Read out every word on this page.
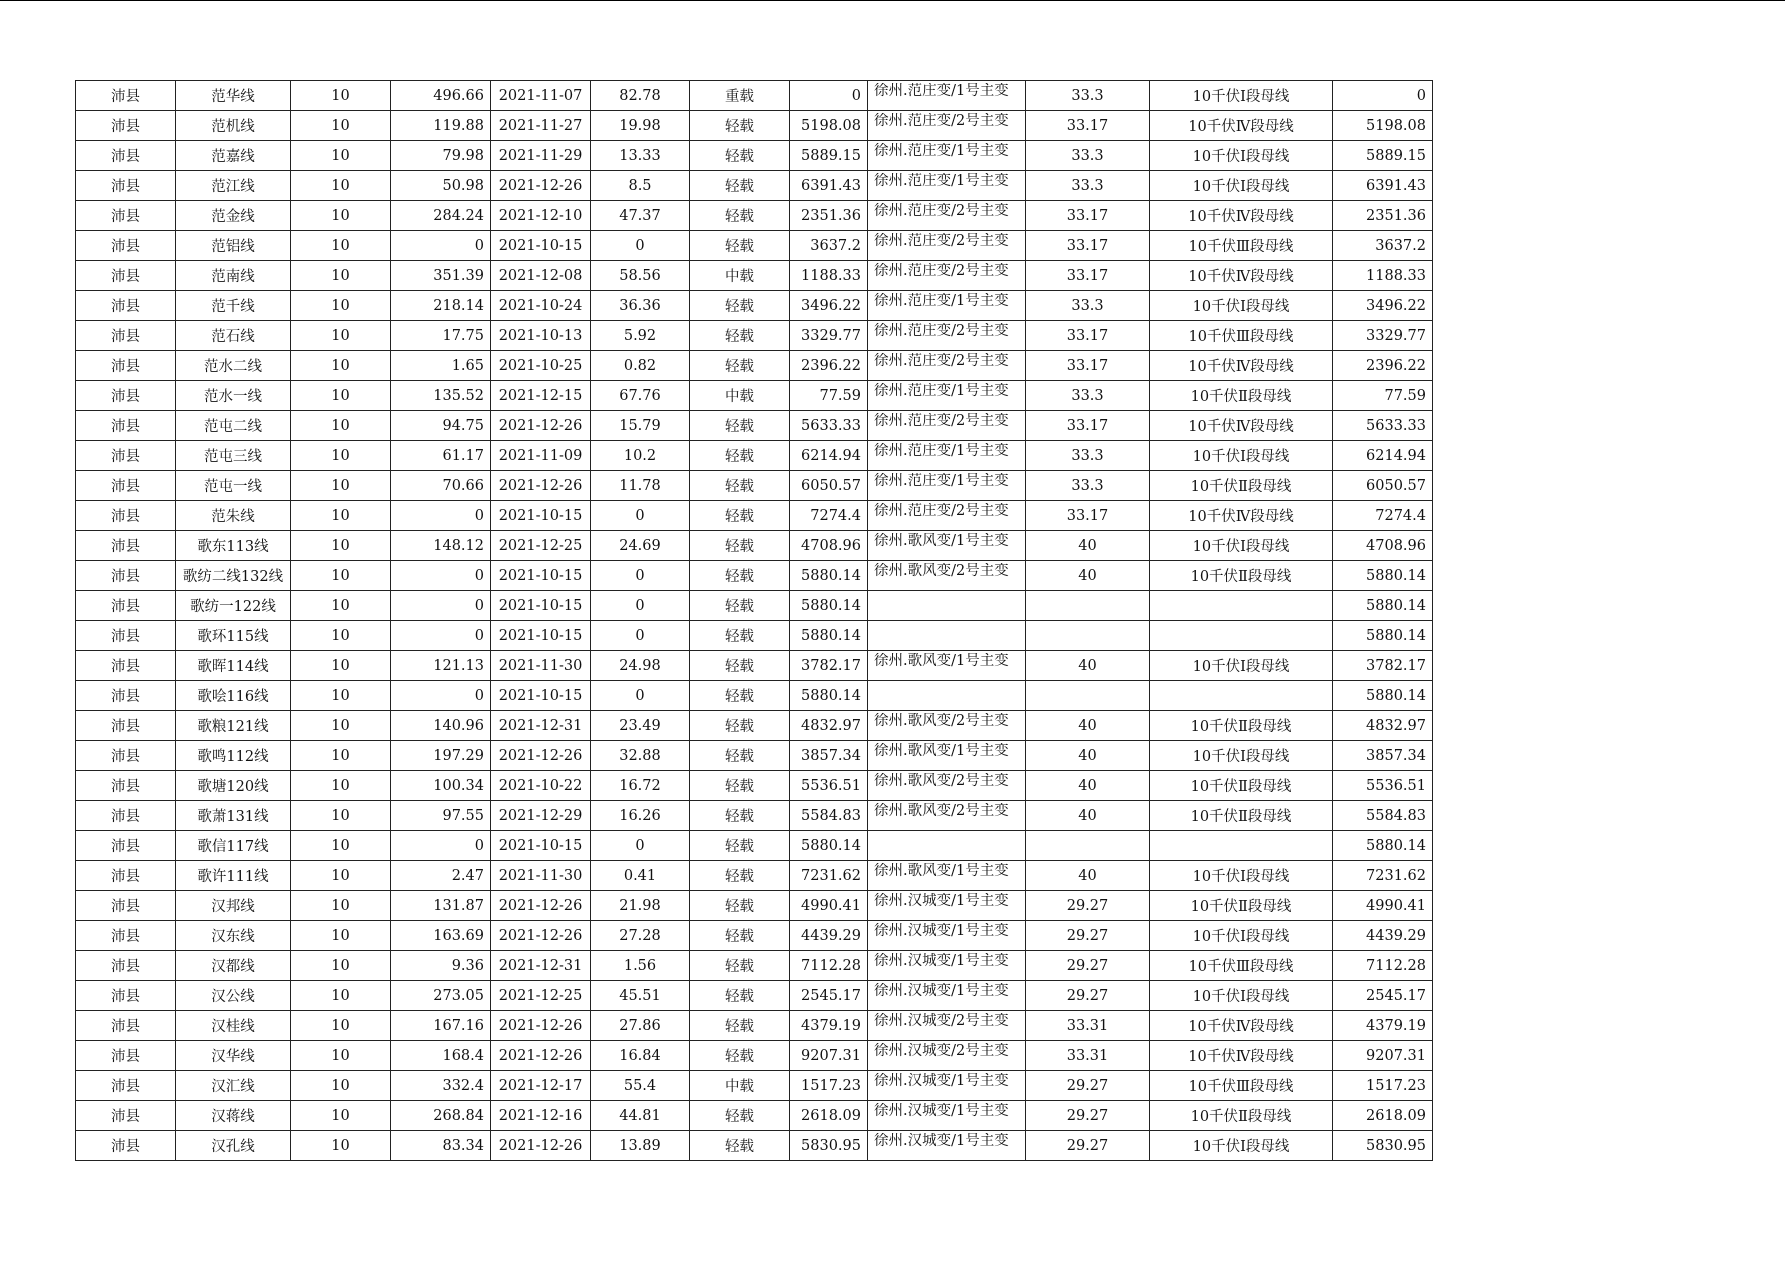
沛县	范华线	10	496.66	2021-11-07	82.78	重载	0	徐州.范庄变/1号主变	33.3	10千伏Ⅰ段母线	0
沛县	范机线	10	119.88	2021-11-27	19.98	轻载	5198.08	徐州.范庄变/2号主变	33.17	10千伏Ⅳ段母线	5198.08
沛县	范嘉线	10	79.98	2021-11-29	13.33	轻载	5889.15	徐州.范庄变/1号主变	33.3	10千伏Ⅰ段母线	5889.15
沛县	范江线	10	50.98	2021-12-26	8.5	轻载	6391.43	徐州.范庄变/1号主变	33.3	10千伏Ⅰ段母线	6391.43
沛县	范金线	10	284.24	2021-12-10	47.37	轻载	2351.36	徐州.范庄变/2号主变	33.17	10千伏Ⅳ段母线	2351.36
沛县	范铝线	10	0	2021-10-15	0	轻载	3637.2	徐州.范庄变/2号主变	33.17	10千伏Ⅲ段母线	3637.2
沛县	范南线	10	351.39	2021-12-08	58.56	中载	1188.33	徐州.范庄变/2号主变	33.17	10千伏Ⅳ段母线	1188.33
沛县	范千线	10	218.14	2021-10-24	36.36	轻载	3496.22	徐州.范庄变/1号主变	33.3	10千伏Ⅰ段母线	3496.22
沛县	范石线	10	17.75	2021-10-13	5.92	轻载	3329.77	徐州.范庄变/2号主变	33.17	10千伏Ⅲ段母线	3329.77
沛县	范水二线	10	1.65	2021-10-25	0.82	轻载	2396.22	徐州.范庄变/2号主变	33.17	10千伏Ⅳ段母线	2396.22
沛县	范水一线	10	135.52	2021-12-15	67.76	中载	77.59	徐州.范庄变/1号主变	33.3	10千伏Ⅱ段母线	77.59
沛县	范屯二线	10	94.75	2021-12-26	15.79	轻载	5633.33	徐州.范庄变/2号主变	33.17	10千伏Ⅳ段母线	5633.33
沛县	范屯三线	10	61.17	2021-11-09	10.2	轻载	6214.94	徐州.范庄变/1号主变	33.3	10千伏Ⅰ段母线	6214.94
沛县	范屯一线	10	70.66	2021-12-26	11.78	轻载	6050.57	徐州.范庄变/1号主变	33.3	10千伏Ⅱ段母线	6050.57
沛县	范朱线	10	0	2021-10-15	0	轻载	7274.4	徐州.范庄变/2号主变	33.17	10千伏Ⅳ段母线	7274.4
沛县	歌东113线	10	148.12	2021-12-25	24.69	轻载	4708.96	徐州.歌风变/1号主变	40	10千伏Ⅰ段母线	4708.96
沛县	歌纺二线132线	10	0	2021-10-15	0	轻载	5880.14	徐州.歌风变/2号主变	40	10千伏Ⅱ段母线	5880.14
沛县	歌纺一122线	10	0	2021-10-15	0	轻载	5880.14				5880.14
沛县	歌环115线	10	0	2021-10-15	0	轻载	5880.14				5880.14
沛县	歌晖114线	10	121.13	2021-11-30	24.98	轻载	3782.17	徐州.歌风变/1号主变	40	10千伏Ⅰ段母线	3782.17
沛县	歌哙116线	10	0	2021-10-15	0	轻载	5880.14				5880.14
沛县	歌粮121线	10	140.96	2021-12-31	23.49	轻载	4832.97	徐州.歌风变/2号主变	40	10千伏Ⅱ段母线	4832.97
沛县	歌鸣112线	10	197.29	2021-12-26	32.88	轻载	3857.34	徐州.歌风变/1号主变	40	10千伏Ⅰ段母线	3857.34
沛县	歌塘120线	10	100.34	2021-10-22	16.72	轻载	5536.51	徐州.歌风变/2号主变	40	10千伏Ⅱ段母线	5536.51
沛县	歌萧131线	10	97.55	2021-12-29	16.26	轻载	5584.83	徐州.歌风变/2号主变	40	10千伏Ⅱ段母线	5584.83
沛县	歌信117线	10	0	2021-10-15	0	轻载	5880.14				5880.14
沛县	歌许111线	10	2.47	2021-11-30	0.41	轻载	7231.62	徐州.歌风变/1号主变	40	10千伏Ⅰ段母线	7231.62
沛县	汉邦线	10	131.87	2021-12-26	21.98	轻载	4990.41	徐州.汉城变/1号主变	29.27	10千伏Ⅱ段母线	4990.41
沛县	汉东线	10	163.69	2021-12-26	27.28	轻载	4439.29	徐州.汉城变/1号主变	29.27	10千伏Ⅰ段母线	4439.29
沛县	汉都线	10	9.36	2021-12-31	1.56	轻载	7112.28	徐州.汉城变/1号主变	29.27	10千伏Ⅲ段母线	7112.28
沛县	汉公线	10	273.05	2021-12-25	45.51	轻载	2545.17	徐州.汉城变/1号主变	29.27	10千伏Ⅰ段母线	2545.17
沛县	汉桂线	10	167.16	2021-12-26	27.86	轻载	4379.19	徐州.汉城变/2号主变	33.31	10千伏Ⅳ段母线	4379.19
沛县	汉华线	10	168.4	2021-12-26	16.84	轻载	9207.31	徐州.汉城变/2号主变	33.31	10千伏Ⅳ段母线	9207.31
沛县	汉汇线	10	332.4	2021-12-17	55.4	中载	1517.23	徐州.汉城变/1号主变	29.27	10千伏Ⅲ段母线	1517.23
沛县	汉蒋线	10	268.84	2021-12-16	44.81	轻载	2618.09	徐州.汉城变/1号主变	29.27	10千伏Ⅱ段母线	2618.09
沛县	汉孔线	10	83.34	2021-12-26	13.89	轻载	5830.95	徐州.汉城变/1号主变	29.27	10千伏Ⅰ段母线	5830.95
